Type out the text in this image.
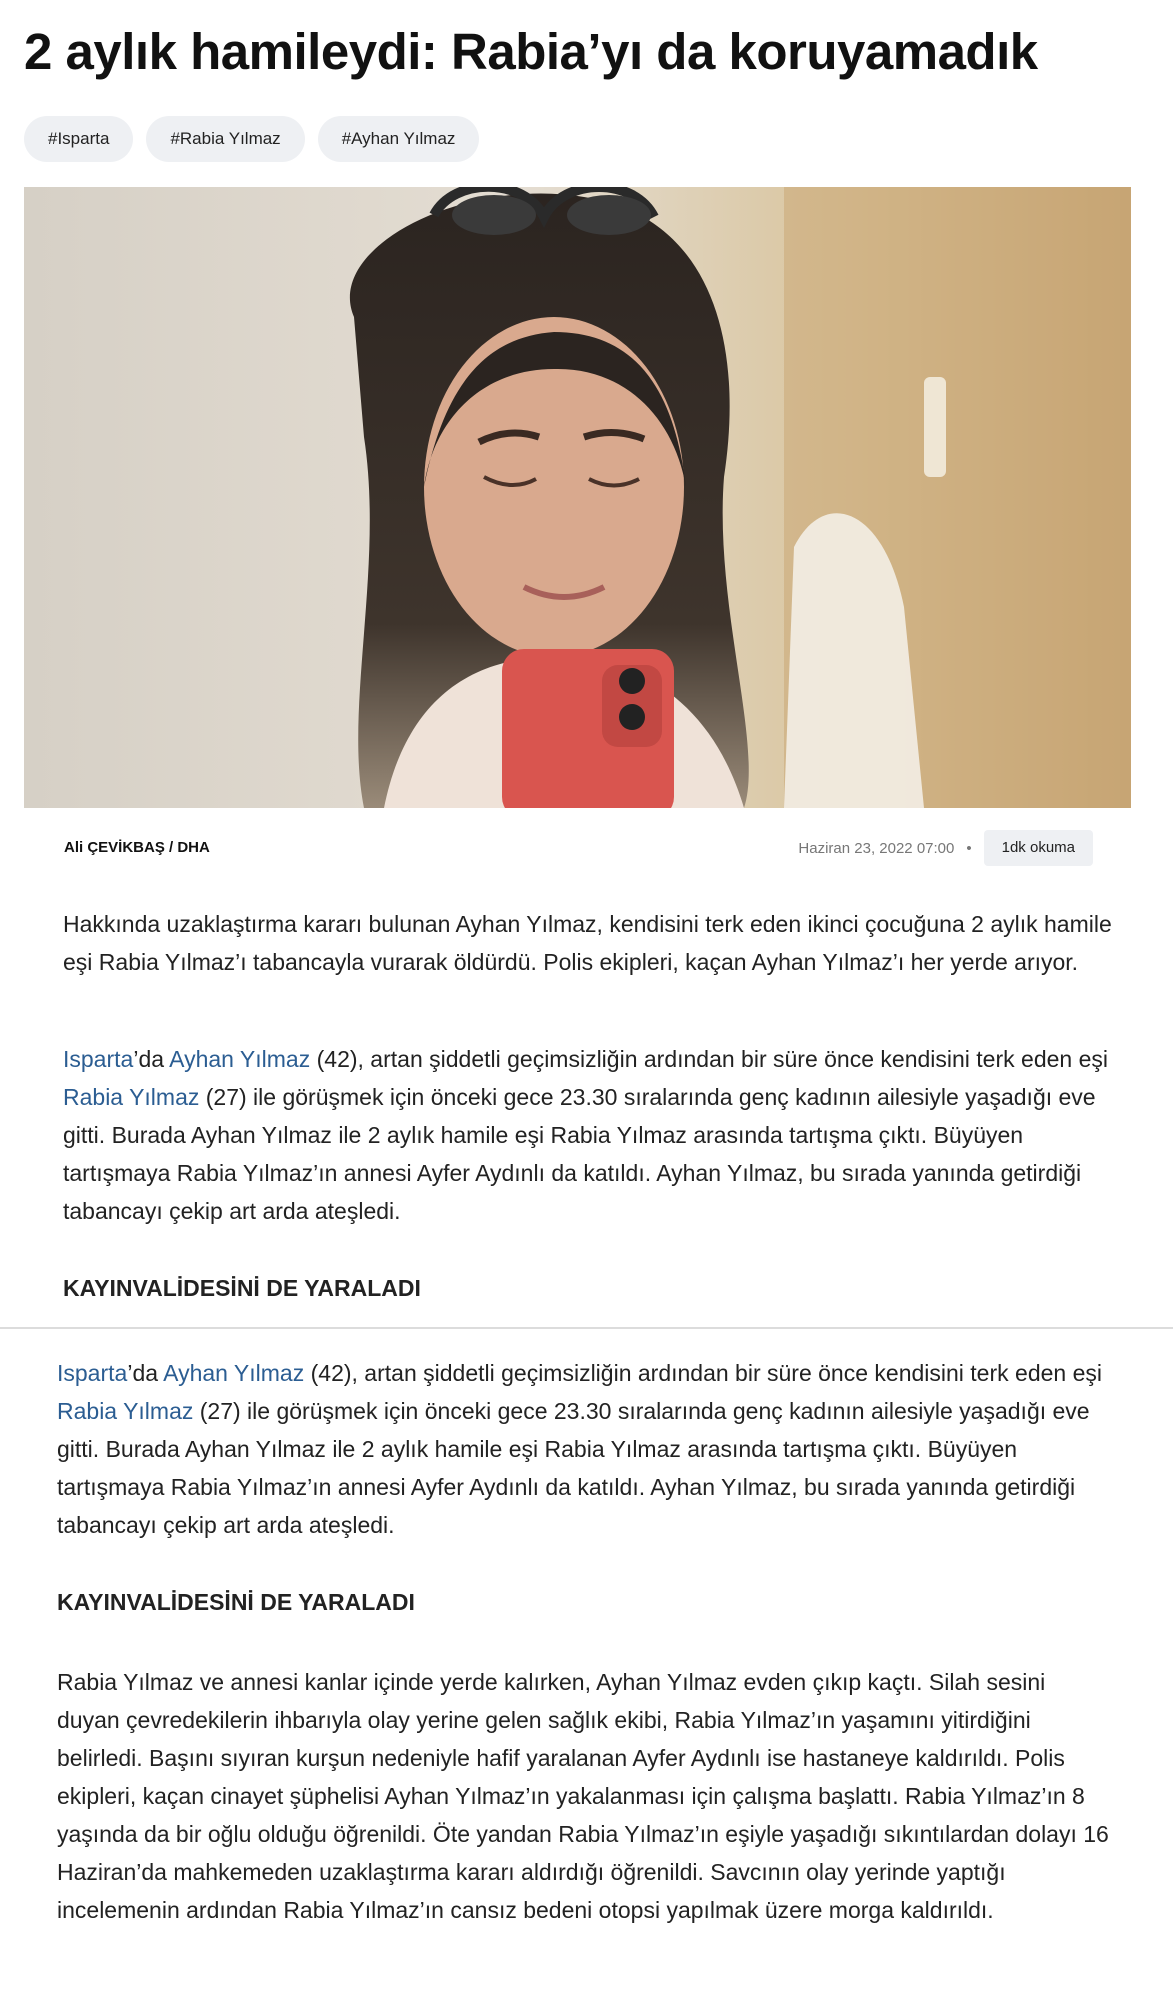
2 aylık hamileydi: Rabia’yı da koruyamadık
#Isparta	#Rabia Yılmaz	#Ayhan Yılmaz
Ali ÇEVİKBAŞ / DHA	Haziran 23, 2022 07:00 •	1dk okuma

Hakkında uzaklaştırma kararı bulunan Ayhan Yılmaz, kendisini terk eden ikinci çocuğuna 2 aylık hamile eşi Rabia Yılmaz’ı tabancayla vurarak öldürdü. Polis ekipleri, kaçan Ayhan Yılmaz’ı her yerde arıyor.

Isparta’da Ayhan Yılmaz (42), artan şiddetli geçimsizliğin ardından bir süre önce kendisini terk eden eşi Rabia Yılmaz (27) ile görüşmek için önceki gece 23.30 sıralarında genç kadının ailesiyle yaşadığı eve gitti. Burada Ayhan Yılmaz ile 2 aylık hamile eşi Rabia Yılmaz arasında tartışma çıktı. Büyüyen tartışmaya Rabia Yılmaz’ın annesi Ayfer Aydınlı da katıldı. Ayhan Yılmaz, bu sırada yanında getirdiği tabancayı çekip art arda ateşledi.

KAYINVALİDESİNİ DE YARALADI

Isparta’da Ayhan Yılmaz (42), artan şiddetli geçimsizliğin ardından bir süre önce kendisini terk eden eşi Rabia Yılmaz (27) ile görüşmek için önceki gece 23.30 sıralarında genç kadının ailesiyle yaşadığı eve gitti. Burada Ayhan Yılmaz ile 2 aylık hamile eşi Rabia Yılmaz arasında tartışma çıktı. Büyüyen tartışmaya Rabia Yılmaz’ın annesi Ayfer Aydınlı da katıldı. Ayhan Yılmaz, bu sırada yanında getirdiği tabancayı çekip art arda ateşledi.

KAYINVALİDESİNİ DE YARALADI

Rabia Yılmaz ve annesi kanlar içinde yerde kalırken, Ayhan Yılmaz evden çıkıp kaçtı. Silah sesini duyan çevredekilerin ihbarıyla olay yerine gelen sağlık ekibi, Rabia Yılmaz’ın yaşamını yitirdiğini belirledi. Başını sıyıran kurşun nedeniyle hafif yaralanan Ayfer Aydınlı ise hastaneye kaldırıldı. Polis ekipleri, kaçan cinayet şüphelisi Ayhan Yılmaz’ın yakalanması için çalışma başlattı. Rabia Yılmaz’ın 8 yaşında da bir oğlu olduğu öğrenildi. Öte yandan Rabia Yılmaz’ın eşiyle yaşadığı sıkıntılardan dolayı 16 Haziran’da mahkemeden uzaklaştırma kararı aldırdığı öğrenildi. Savcının olay yerinde yaptığı incelemenin ardından Rabia Yılmaz’ın cansız bedeni otopsi yapılmak üzere morga kaldırıldı.
